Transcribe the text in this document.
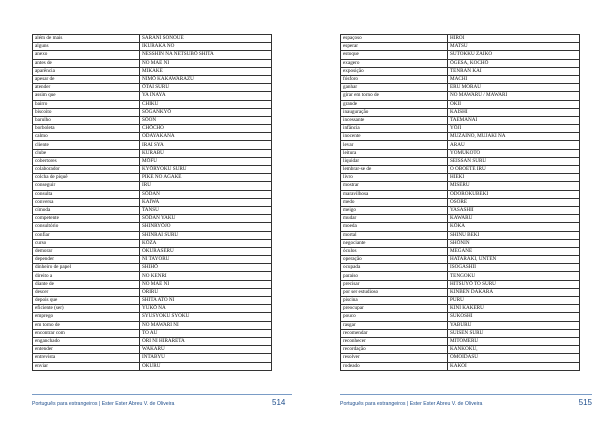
além de mais	SARANI SONOUE
alguns	IKURAKA NO
anexo	NESSHIN NA NETSUBÕ SHITA
antes de	NO MAE NI
aparência	MIKAKE
apesar de	NIMÕ KAKAWARAZU
atender	ÕTAI SURU
assim que	YA INAYA
bairro	CHIKU
biscoito	SÕGANKYÕ
barulho	SÕON
borboleta	CHÕCHO
calmo	ODAYAKANA
cliente	IRAI SYA
clube	KURABU
cobertores	MÕFU
colaborador	KYÕRYOKU SURU
colcha de piquê	PIKE NO AGAKE
conseguir	IRU
consulta	SÕDAN
conversa	KAIWA
címoda	TANSU
competente	SÕDAN YAKU
consultório	SHINRYÕJO
confiar	SHINRAI SURU
curso	KÕZA
demorar	OKURASERU
depender	NI TAYORU
dinheiro de papel	SHIHÕ
direito a	NO KENRI
diante de	NO MAE NI
descer	ORIRU
depois que	SHITA ATO NI
eficiente (ser)	YÜKÕ NA
emprego	SYÜSYOKU SYOKU
em torno de	NO MAWARI NI
encontrar com	TO AU
enganchado	ORI NI HIRARETA
entender	WAKARU
entrevista	INTABYÜ
enviar	OKURU
Português para estrangeiros | Ester Ester Abreu V. de Oliveira	514
espaçoso	HIROI
esperar	MATSU
estoque	SUTOKKU ZAIKO
exagero	ÕGESA, KOCHÕ
exposição	TENRAN KAI
fósforo	MACHI
ganhar	ERU MORAU
girar em torno de	NO MAWARU / MAWARI
grande	OKII
inauguração	KAISHI
incessante	TAEMANAI
infância	YÕJI
inocente	MUZAINO, MUJAKI NA
levar	ARAU
leitura	YOMUKOTO
liquidar	SEISSAN SURU
lembrar-se de	O OBOETE IRU
livro	HIEKI
mostrar	MISERU
maravilhosa	ODOROKUBEKI
medo	OSORE
meigo	YASASHII
mudar	KAWARU
moeda	KÕKA
mortal	SHINU BEKI
negociante	SHÕNIN
óculos	MEGANE
operação	HATARAKI, UNTEN
ocupada	ISOGASHII
paraíso	TENGOKU
precisar	HITSUYÕ TO SURU
por ser estudioso	KINBEN DAKARA
piscina	PURU
preocupar	KINI KAKERU
pouco	SUKOSHI
rasgar	YABURU
recomendar	SUISEN SURU
reconhecer	MITOMERU
recordação	KANKOKU,
resolver	OMOIDASU
rodeado	KAKOI
Português para estrangeiros | Ester Ester Abreu V. de Oliveira	515
